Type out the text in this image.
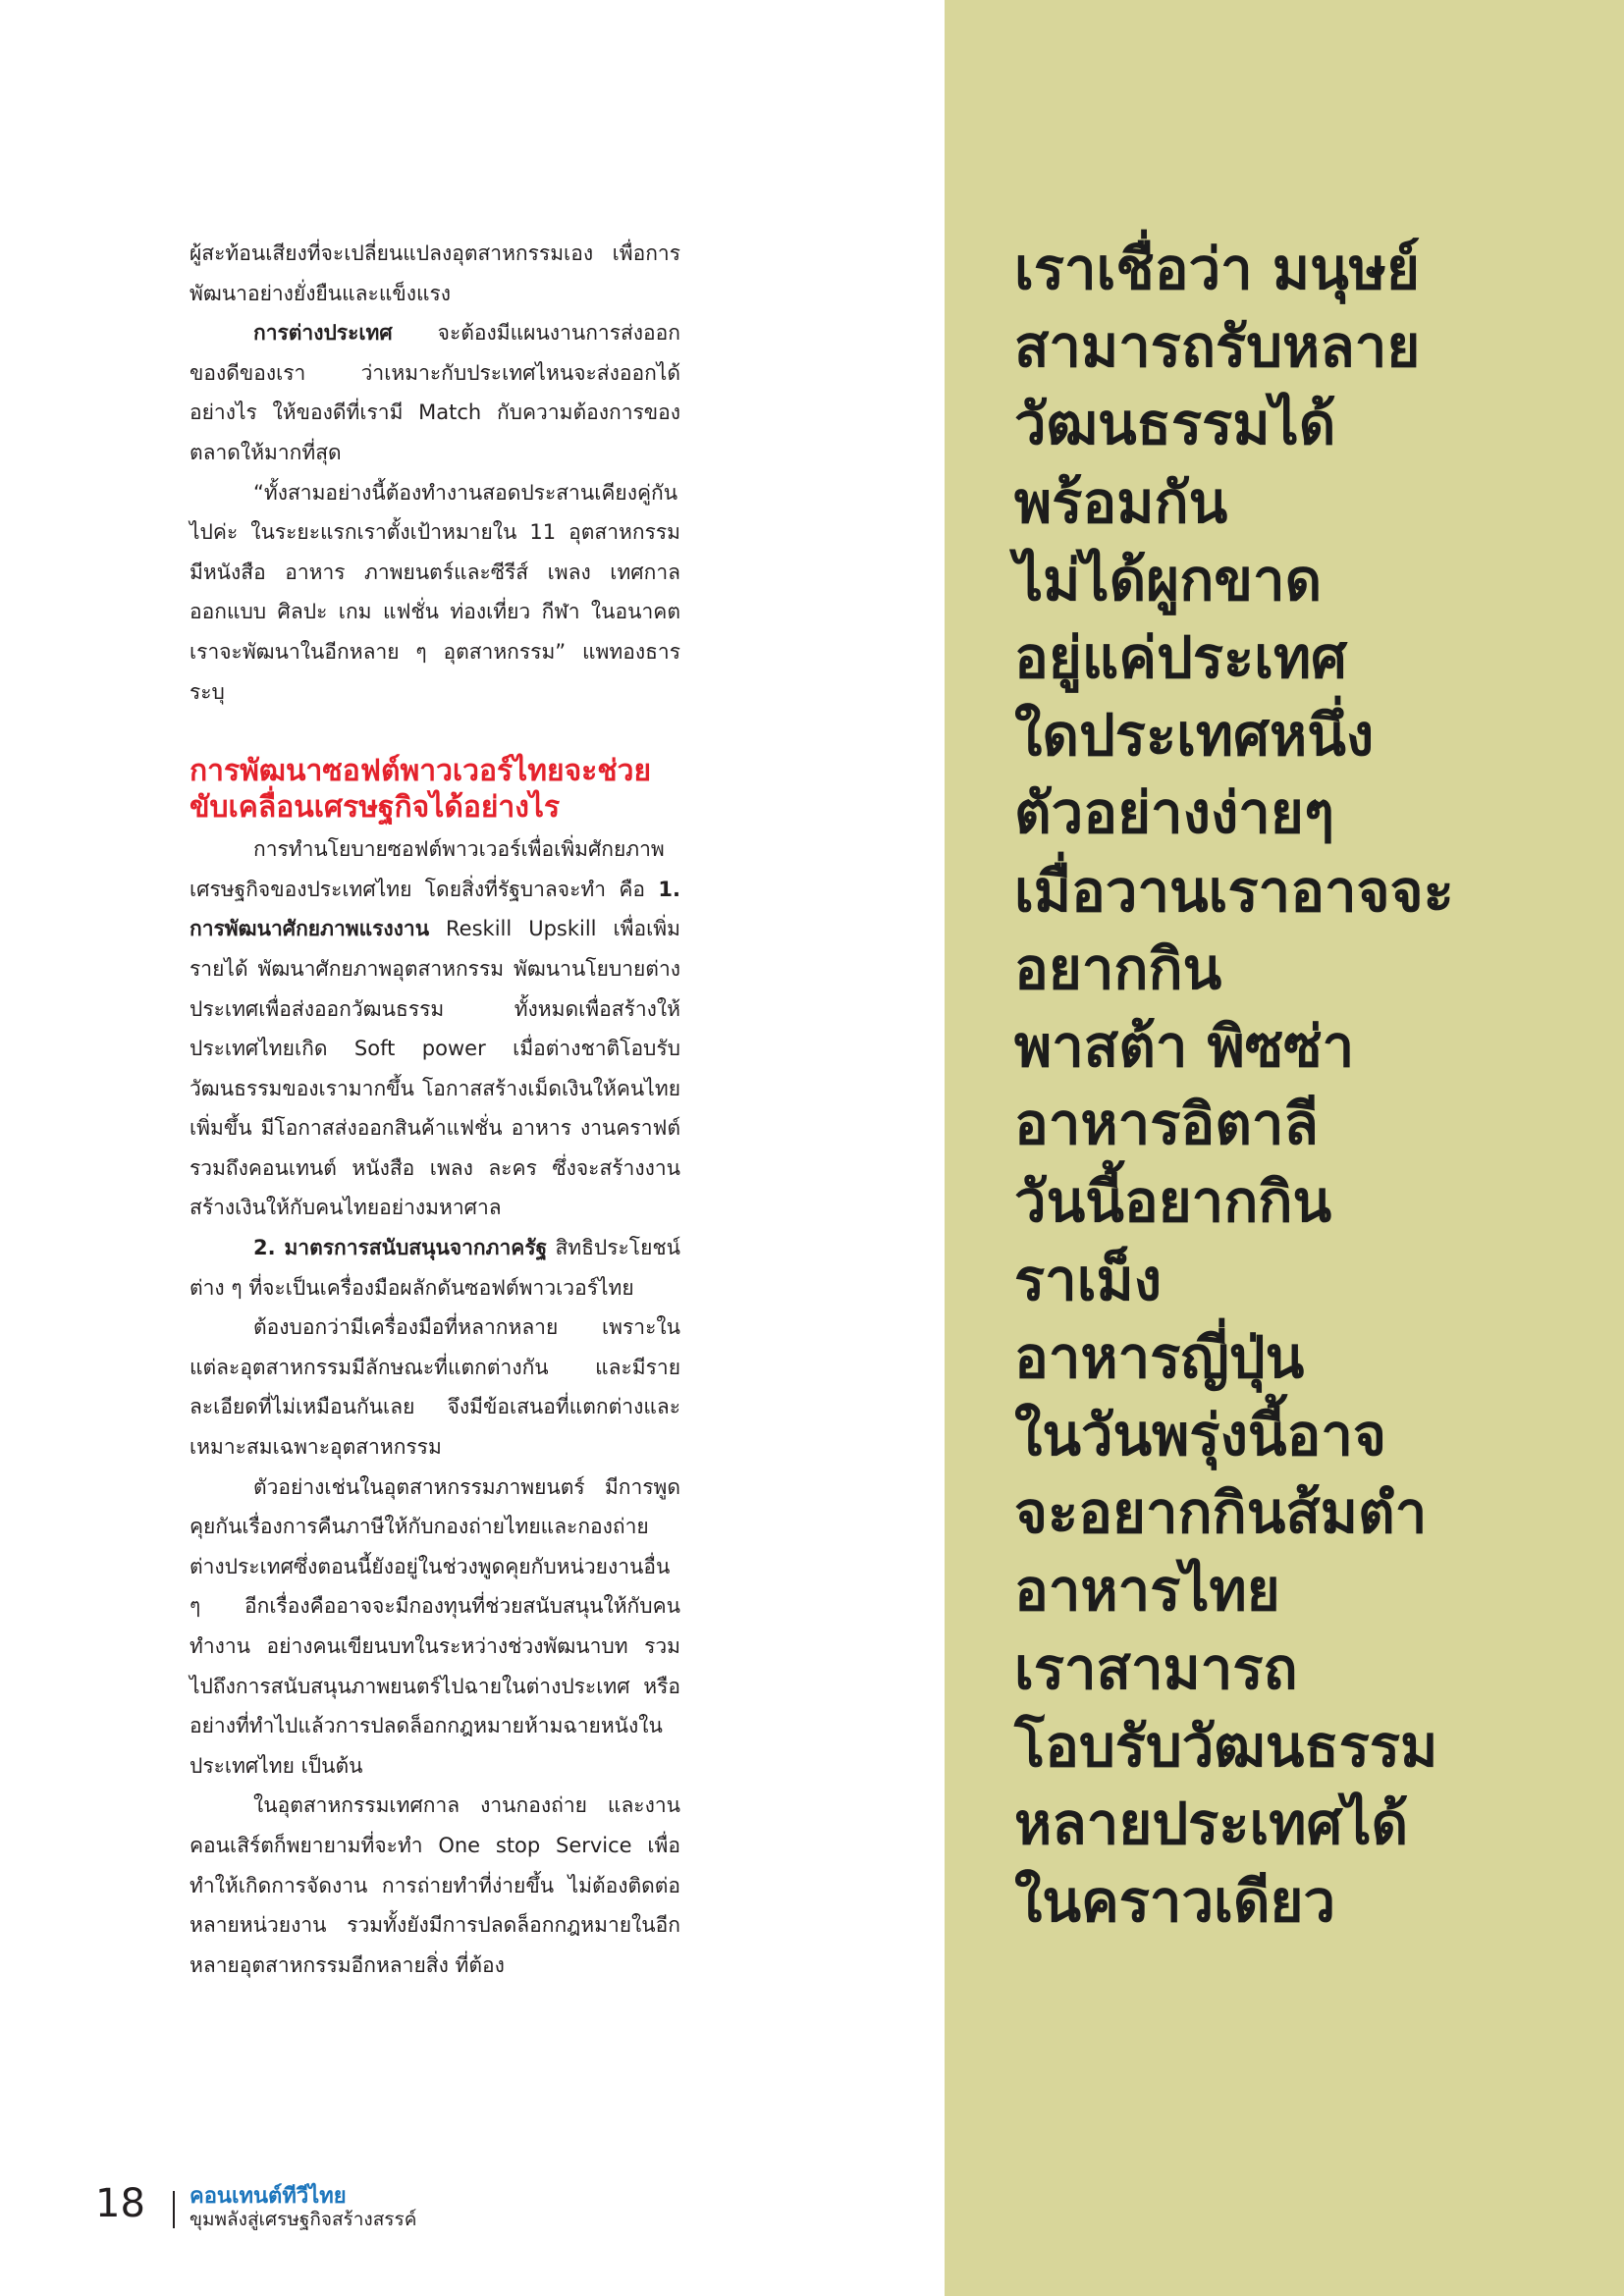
ผู้สะท้อนเสียงที่จะเปลี่ยนแปลงอุตสาหกรรมเอง เพื่อการพัฒนาอย่างยั่งยืนและแข็งแรง

การต่างประเทศ จะต้องมีแผนงานการส่งออกของดีของเรา ว่าเหมาะกับประเทศไหนจะส่งออกได้อย่างไร ให้ของดีที่เรามี Match กับความต้องการของตลาดให้มากที่สุด

“ทั้งสามอย่างนี้ต้องทำงานสอดประสานเคียงคู่กันไปค่ะ ในระยะแรกเราตั้งเป้าหมายใน 11 อุตสาหกรรม มีหนังสือ อาหาร ภาพยนตร์และซีรีส์ เพลง เทศกาล ออกแบบ ศิลปะ เกม แฟชั่น ท่องเที่ยว กีฬา ในอนาคตเราจะพัฒนาในอีกหลาย ๆ อุตสาหกรรม” แพทองธารระบุ

การพัฒนาซอฟต์พาวเวอร์ไทยจะช่วยขับเคลื่อนเศรษฐกิจได้อย่างไร

การทำนโยบายซอฟต์พาวเวอร์เพื่อเพิ่มศักยภาพเศรษฐกิจของประเทศไทย โดยสิ่งที่รัฐบาลจะทำ คือ 1. การพัฒนาศักยภาพแรงงาน Reskill Upskill เพื่อเพิ่มรายได้ พัฒนาศักยภาพอุตสาหกรรม พัฒนานโยบายต่างประเทศเพื่อส่งออกวัฒนธรรม ทั้งหมดเพื่อสร้างให้ประเทศไทยเกิด Soft power เมื่อต่างชาติโอบรับวัฒนธรรมของเรามากขึ้น โอกาสสร้างเม็ดเงินให้คนไทยเพิ่มขึ้น มีโอกาสส่งออกสินค้าแฟชั่น อาหาร งานคราฟต์ รวมถึงคอนเทนต์ หนังสือ เพลง ละคร ซึ่งจะสร้างงานสร้างเงินให้กับคนไทยอย่างมหาศาล

2. มาตรการสนับสนุนจากภาครัฐ สิทธิประโยชน์ต่าง ๆ ที่จะเป็นเครื่องมือผลักดันซอฟต์พาวเวอร์ไทย

ต้องบอกว่ามีเครื่องมือที่หลากหลาย เพราะในแต่ละอุตสาหกรรมมีลักษณะที่แตกต่างกัน และมีรายละเอียดที่ไม่เหมือนกันเลย จึงมีข้อเสนอที่แตกต่างและเหมาะสมเฉพาะอุตสาหกรรม

ตัวอย่างเช่นในอุตสาหกรรมภาพยนตร์ มีการพูดคุยกันเรื่องการคืนภาษีให้กับกองถ่ายไทยและกองถ่ายต่างประเทศซึ่งตอนนี้ยังอยู่ในช่วงพูดคุยกับหน่วยงานอื่น ๆ อีกเรื่องคืออาจจะมีกองทุนที่ช่วยสนับสนุนให้กับคนทำงาน อย่างคนเขียนบทในระหว่างช่วงพัฒนาบท รวมไปถึงการสนับสนุนภาพยนตร์ไปฉายในต่างประเทศ หรืออย่างที่ทำไปแล้วการปลดล็อกกฎหมายห้ามฉายหนังในประเทศไทย เป็นต้น

ในอุตสาหกรรมเทศกาล งานกองถ่าย และงานคอนเสิร์ตก็พยายามที่จะทำ One stop Service เพื่อทำให้เกิดการจัดงาน การถ่ายทำที่ง่ายขึ้น ไม่ต้องติดต่อหลายหน่วยงาน รวมทั้งยังมีการปลดล็อกกฎหมายในอีกหลายอุตสาหกรรมอีกหลายสิ่ง ที่ต้อง

เราเชื่อว่า มนุษย์
สามารถรับหลาย
วัฒนธรรมได้
พร้อมกัน
ไม่ได้ผูกขาด
อยู่แค่ประเทศ
ใดประเทศหนึ่ง
ตัวอย่างง่ายๆ
เมื่อวานเราอาจจะ
อยากกิน
พาสต้า พิซซ่า
อาหารอิตาลี
วันนี้อยากกิน
ราเม็ง
อาหารญี่ปุ่น
ในวันพรุ่งนี้อาจ
จะอยากกินส้มตำ
อาหารไทย
เราสามารถ
โอบรับวัฒนธรรม
หลายประเทศได้
ในคราวเดียว

18 คอนเทนต์ทีวีไทย
ขุมพลังสู่เศรษฐกิจสร้างสรรค์
